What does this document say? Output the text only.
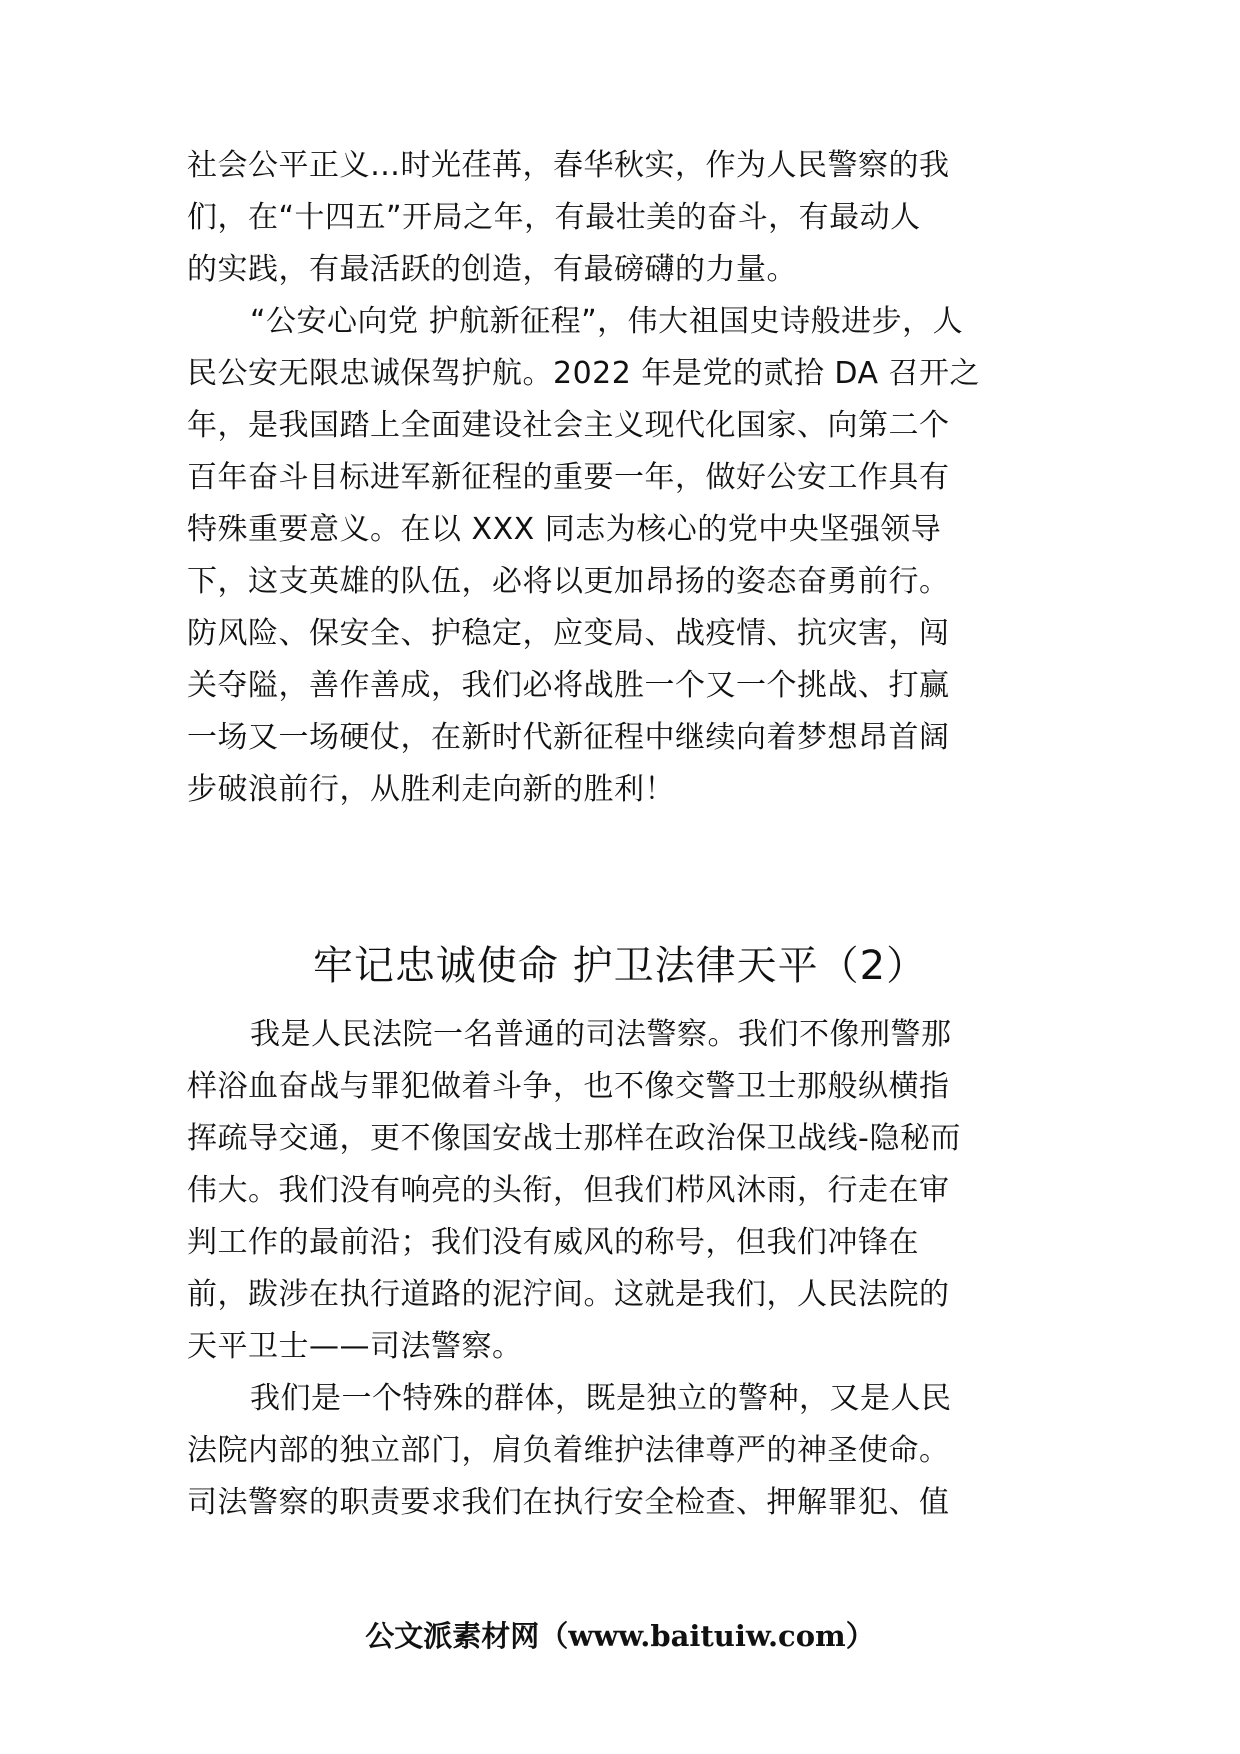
社会公平正义…时光荏苒，春华秋实，作为人民警察的我
们，在“十四五”开局之年，有最壮美的奋斗，有最动人
的实践，有最活跃的创造，有最磅礴的力量。
“公安心向党 护航新征程”，伟大祖国史诗般进步，人
民公安无限忠诚保驾护航。2022 年是党的贰拾 DA 召开之
年，是我国踏上全面建设社会主义现代化国家、向第二个
百年奋斗目标进军新征程的重要一年，做好公安工作具有
特殊重要意义。在以 XXX 同志为核心的党中央坚强领导
下，这支英雄的队伍，必将以更加昂扬的姿态奋勇前行。
防风险、保安全、护稳定，应变局、战疫情、抗灾害，闯
关夺隘，善作善成，我们必将战胜一个又一个挑战、打赢
一场又一场硬仗，在新时代新征程中继续向着梦想昂首阔
步破浪前行，从胜利走向新的胜利！
牢记忠诚使命 护卫法律天平（2）
我是人民法院一名普通的司法警察。我们不像刑警那
样浴血奋战与罪犯做着斗争，也不像交警卫士那般纵横指
挥疏导交通，更不像国安战士那样在政治保卫战线-隐秘而
伟大。我们没有响亮的头衔，但我们栉风沐雨，行走在审
判工作的最前沿；我们没有威风的称号，但我们冲锋在
前，跋涉在执行道路的泥泞间。这就是我们，人民法院的
天平卫士——司法警察。
我们是一个特殊的群体，既是独立的警种，又是人民
法院内部的独立部门，肩负着维护法律尊严的神圣使命。
司法警察的职责要求我们在执行安全检查、押解罪犯、值
公文派素材网（www.baituiw.com）
